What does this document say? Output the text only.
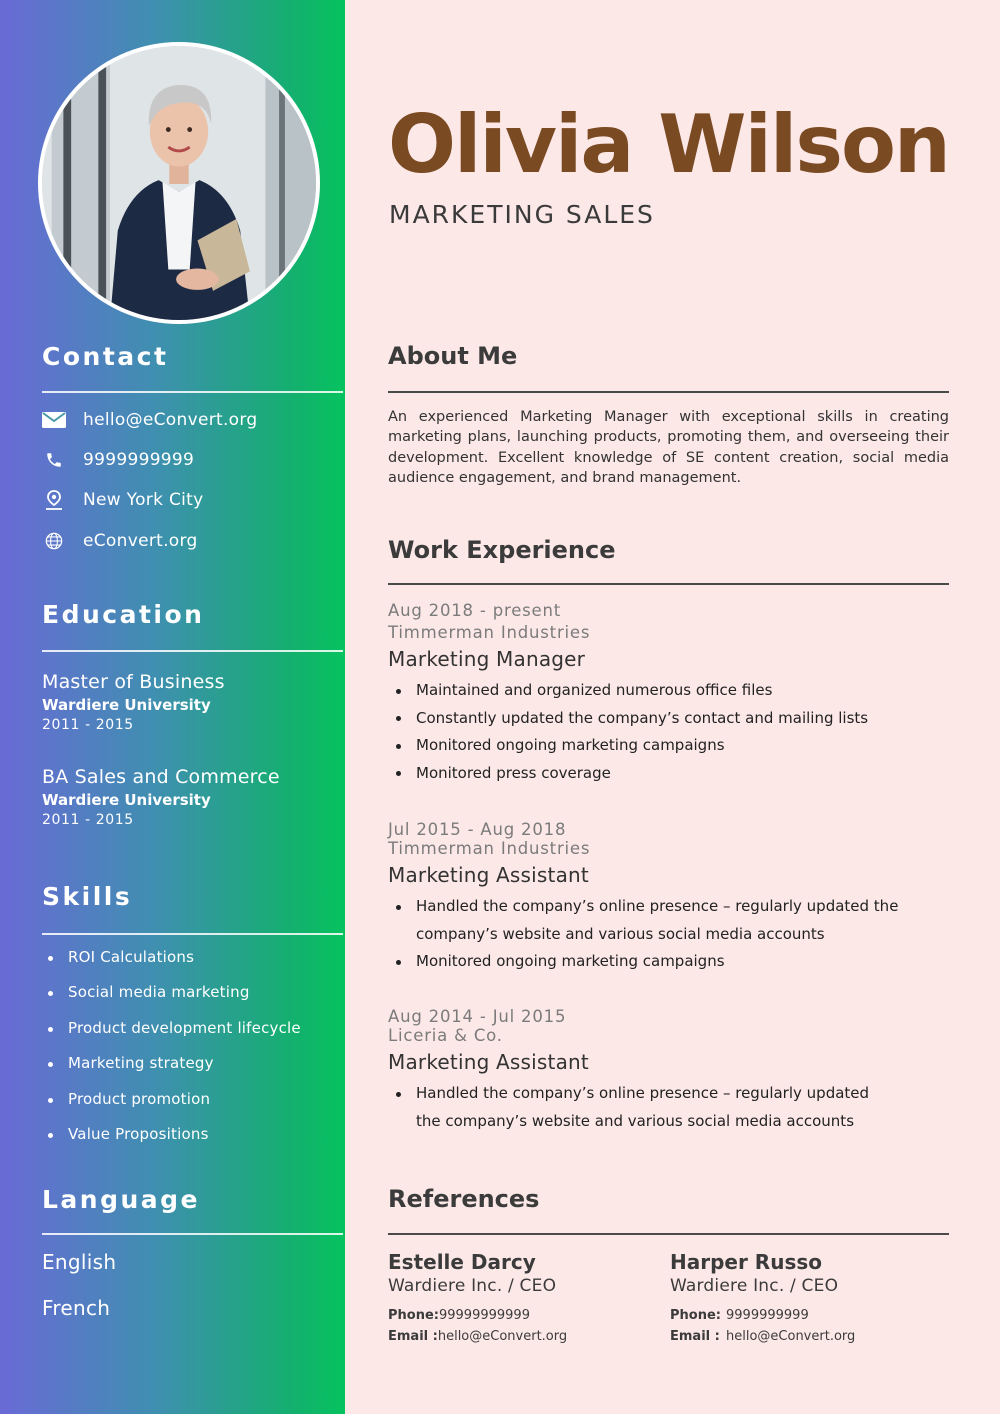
Contact
hello@eConvert.org
9999999999
New York City
eConvert.org
Education
Master of Business
Wardiere University
2011 - 2015
BA Sales and Commerce
Wardiere University
2011 - 2015
Skills
ROI Calculations
Social media marketing
Product development lifecycle
Marketing strategy
Product promotion
Value Propositions
Language
English
French
Olivia Wilson
MARKETING SALES
About Me

An experienced Marketing Manager with exceptional skills in creating marketing plans, launching products, promoting them, and overseeing their development. Excellent knowledge of SE content creation, social media audience engagement, and brand management.

Work Experience
Aug 2018 - present
Timmerman Industries
Marketing Manager
Maintained and organized numerous office files
Constantly updated the company’s contact and mailing lists
Monitored ongoing marketing campaigns
Monitored press coverage
Jul 2015 - Aug 2018
Timmerman Industries
Marketing Assistant
Handled the company’s online presence – regularly updated the company’s website and various social media accounts
Monitored ongoing marketing campaigns
Aug 2014 - Jul 2015
Liceria & Co.
Marketing Assistant
Handled the company’s online presence – regularly updated the company’s website and various social media accounts
References
Estelle Darcy
Wardiere Inc. / CEO
Phone:99999999999
Email :hello@eConvert.org
Harper Russo
Wardiere Inc. / CEO
Phone: 9999999999
Email : hello@eConvert.org
